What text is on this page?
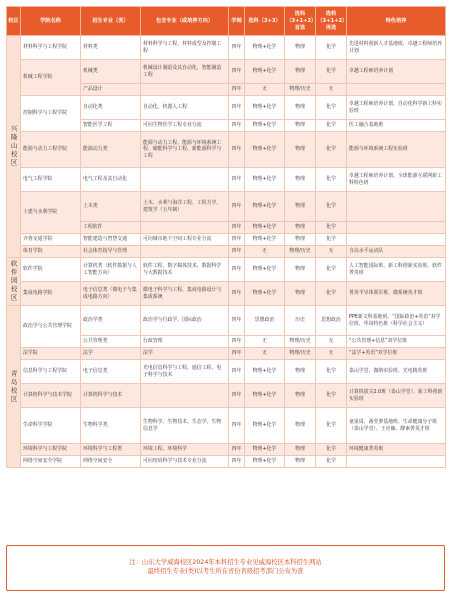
校区	学院名称	招生专业（类）	包含专业（或培养方向）	学制	选科（3+3）	选科（3+1+2）首选	选科（3+1+2）再选	特色培养
兴隆山校区	材料科学与工程学院	材料类	材料科学与工程、材料成型及控制工程	四年	物理+化学	物理	化学	先进材料创新人才基地班、卓越工程师培养计划
	机械工程学院	机械类	机械设计制造及其自动化、智能制造工程	四年	物理+化学	物理	化学	卓越工程师培养计划
		产品设计		四年	无	物理/历史	无	
	控制科学与工程学院	自动化类	自动化、机器人工程	四年	物理+化学	物理	化学	卓越工程师培养计划、自动化科学新工科实验班
		智能医学工程	可向生物医学工程专业分流	四年	物理+化学	物理	化学	医工融合基地班
	能源与动力工程学院	能源动力类	能源与动力工程、能源与环境系统工程、储能科学与工程、新能源科学与工程	四年	物理+化学	物理	化学	能源与环境系统工程实验班
	电气工程学院	电气工程及其自动化		四年	物理+化学	物理	化学	卓越工程师培养计划、全球能源互联网新工科特色班
	土建与水利学院	土木类	土木、水利与海洋工程、工程力学、建筑学（五年制）	四年	物理+化学	物理	化学	
		工程软件		四年	物理+化学	物理	化学	
	齐鲁交通学院	智能建造与智慧交通	可向城市地下空间工程专业分流	四年	物理+化学	物理	化学	
	体育学院	社会体育指导与管理		四年	无	物理/历史	无	含高水平运动队
软件园校区	软件学院	计算机类（软件数据与人工智能方向）	软件工程、数字媒体技术、数据科学与大数据技术	四年	物理+化学	物理	化学	人工智能国际班、新工科创新实验班、软件菁英班
	集成电路学院	电子信息类（微电子与集成电路方向）	微电子科学与工程、集成电路设计与集成系统	四年	物理+化学	物理	化学	菁英半导体领军班、微系统英才班
青岛校区	政治学与公共管理学院	政治学类	政治学与行政学、国际政治	四年	思想政治	历史	思想政治	PPE新文科基地班、“国际政治+英语”双学位班、华岗特色班（科学社会主义）
		公共管理类	行政管理	四年	无	物理/历史	无	“公共管理+信息”双学位班
	法学院	法学	法学	四年	无	物理/历史	无	“法学+英语”双学位班
	信息科学与工程学院	电子信息类	光电信息科学与工程、通信工程、电子科学与技术	四年	物理+化学	物理	化学	泰山学堂、微纳实验班、光电精英班
	计算机科学与技术学院	计算机科学与技术		四年	物理+化学	物理	化学	计算机拔尖2.0班（泰山学堂）、新工科创新实验班
	生命科学学院	生物科学类	生物科学、生物技术、生态学、生物信息学	四年	物理+化学	物理	化学	童第周、番竖萝基地班、生命健康分子班（泰山学堂）、王应睐、酵素菁英才班
	环境科学与工程学院	环境科学与工程类	环境工程、环境科学	四年	物理+化学	物理	化学	环境健康菁英班
	网络空间安全学院	网络空间安全	可向密码科学与技术专业分流	四年	物理+化学	物理	化学	
注：山东大学威海校区2024年本科招生专业见威海校区本科招生网站
最终招生专业(类)以考生所在省份省级招考部门公布为准
